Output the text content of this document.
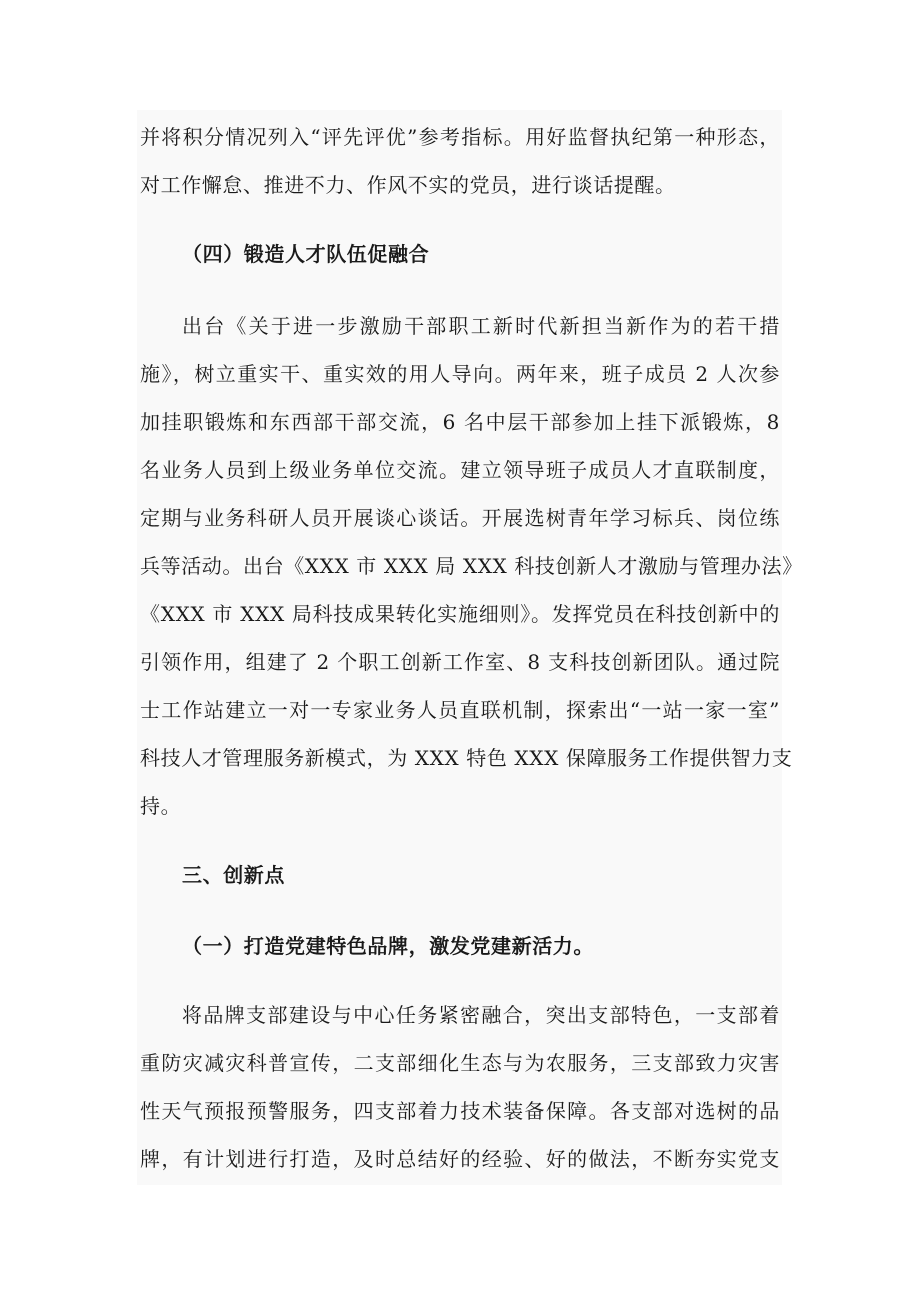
并将积分情况列入“评先评优”参考指标。用好监督执纪第一种形态，
对工作懈怠、推进不力、作风不实的党员，进行谈话提醒。
（四）锻造人才队伍促融合
出台《关于进一步激励干部职工新时代新担当新作为的若干措
施》，树立重实干、重实效的用人导向。两年来，班子成员 2 人次参
加挂职锻炼和东西部干部交流，6 名中层干部参加上挂下派锻炼，8
名业务人员到上级业务单位交流。建立领导班子成员人才直联制度，
定期与业务科研人员开展谈心谈话。开展选树青年学习标兵、岗位练
兵等活动。出台《XXX 市 XXX 局 XXX 科技创新人才激励与管理办法》
《XXX 市 XXX 局科技成果转化实施细则》。发挥党员在科技创新中的
引领作用，组建了 2 个职工创新工作室、8 支科技创新团队。通过院
士工作站建立一对一专家业务人员直联机制，探索出“一站一家一室”
科技人才管理服务新模式，为 XXX 特色 XXX 保障服务工作提供智力支
持。
三、创新点
（一）打造党建特色品牌，激发党建新活力。
将品牌支部建设与中心任务紧密融合，突出支部特色，一支部着
重防灾减灾科普宣传，二支部细化生态与为农服务，三支部致力灾害
性天气预报预警服务，四支部着力技术装备保障。各支部对选树的品
牌，有计划进行打造，及时总结好的经验、好的做法，不断夯实党支
